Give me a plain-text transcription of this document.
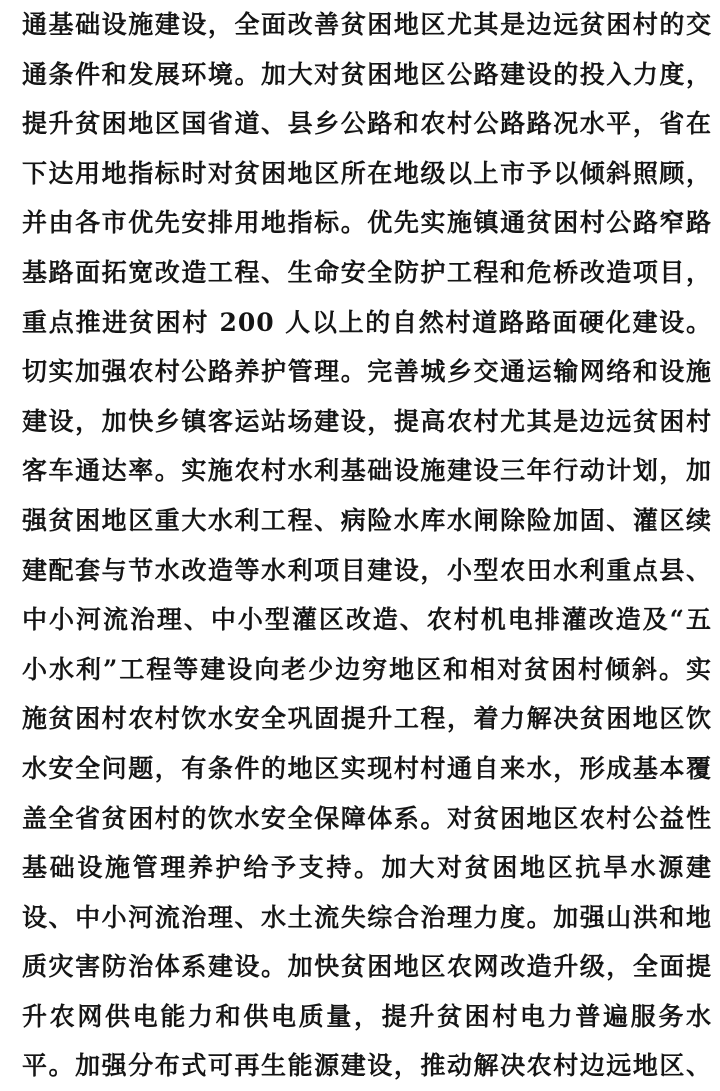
通基础设施建设，全面改善贫困地区尤其是边远贫困村的交
通条件和发展环境。加大对贫困地区公路建设的投入力度，
提升贫困地区国省道、县乡公路和农村公路路况水平，省在
下达用地指标时对贫困地区所在地级以上市予以倾斜照顾，
并由各市优先安排用地指标。优先实施镇通贫困村公路窄路
基路面拓宽改造工程、生命安全防护工程和危桥改造项目，
重点推进贫困村 200 人以上的自然村道路路面硬化建设。
切实加强农村公路养护管理。完善城乡交通运输网络和设施
建设，加快乡镇客运站场建设，提高农村尤其是边远贫困村
客车通达率。实施农村水利基础设施建设三年行动计划，加
强贫困地区重大水利工程、病险水库水闸除险加固、灌区续
建配套与节水改造等水利项目建设，小型农田水利重点县、
中小河流治理、中小型灌区改造、农村机电排灌改造及“五
小水利”工程等建设向老少边穷地区和相对贫困村倾斜。实
施贫困村农村饮水安全巩固提升工程，着力解决贫困地区饮
水安全问题，有条件的地区实现村村通自来水，形成基本覆
盖全省贫困村的饮水安全保障体系。对贫困地区农村公益性
基础设施管理养护给予支持。加大对贫困地区抗旱水源建
设、中小河流治理、水土流失综合治理力度。加强山洪和地
质灾害防治体系建设。加快贫困地区农网改造升级，全面提
升农网供电能力和供电质量，提升贫困村电力普遍服务水
平。加强分布式可再生能源建设，推动解决农村边远地区、
